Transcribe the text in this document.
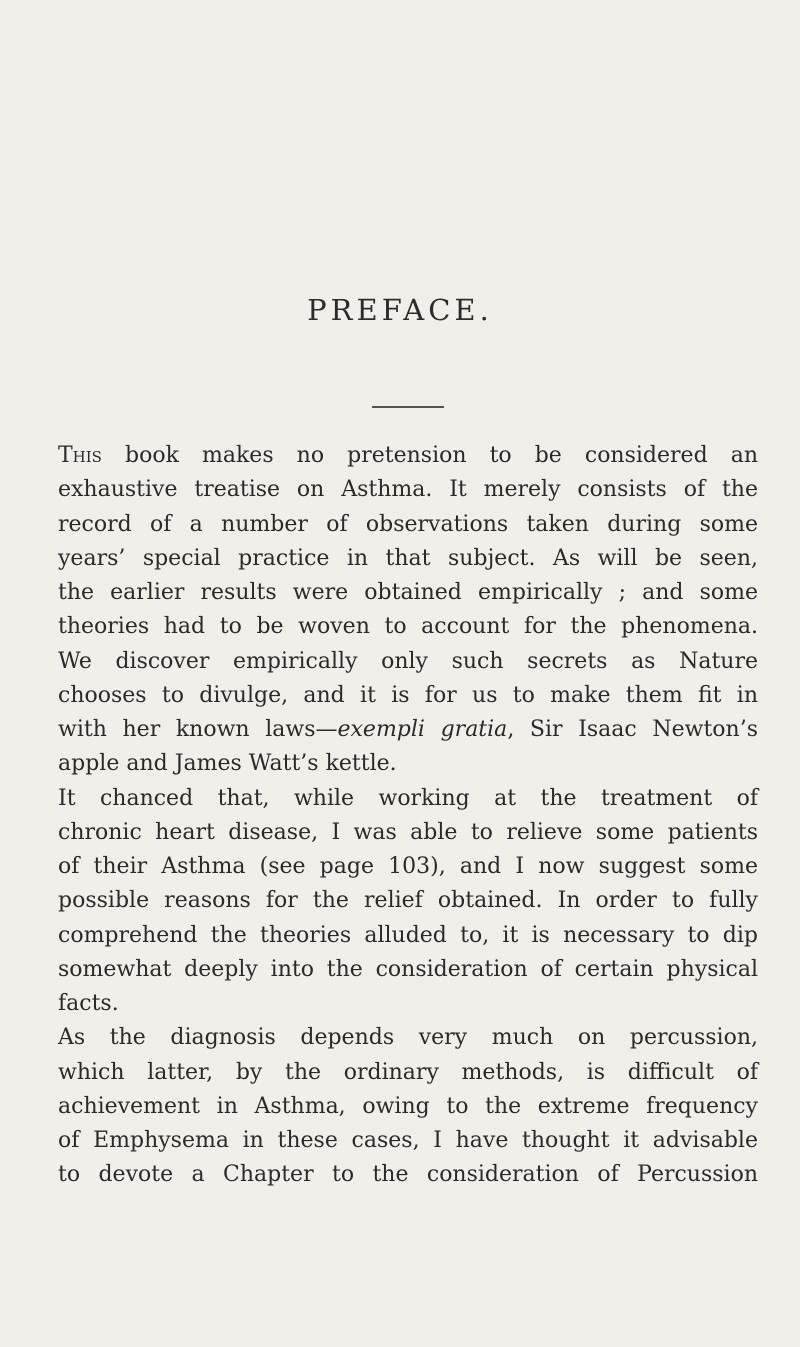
PREFACE.
This book makes no pretension to be considered an
exhaustive treatise on Asthma. It merely consists of the
record of a number of observations taken during some
years’ special practice in that subject. As will be seen,
the earlier results were obtained empirically ; and some
theories had to be woven to account for the phenomena.
We discover empirically only such secrets as Nature
chooses to divulge, and it is for us to make them fit in
with her known laws—exempli gratia, Sir Isaac Newton’s
apple and James Watt’s kettle.
It chanced that, while working at the treatment of
chronic heart disease, I was able to relieve some patients
of their Asthma (see page 103), and I now suggest some
possible reasons for the relief obtained. In order to fully
comprehend the theories alluded to, it is necessary to dip
somewhat deeply into the consideration of certain physical
facts.
As the diagnosis depends very much on percussion,
which latter, by the ordinary methods, is difficult of
achievement in Asthma, owing to the extreme frequency
of Emphysema in these cases, I have thought it advisable
to devote a Chapter to the consideration of Percussion
